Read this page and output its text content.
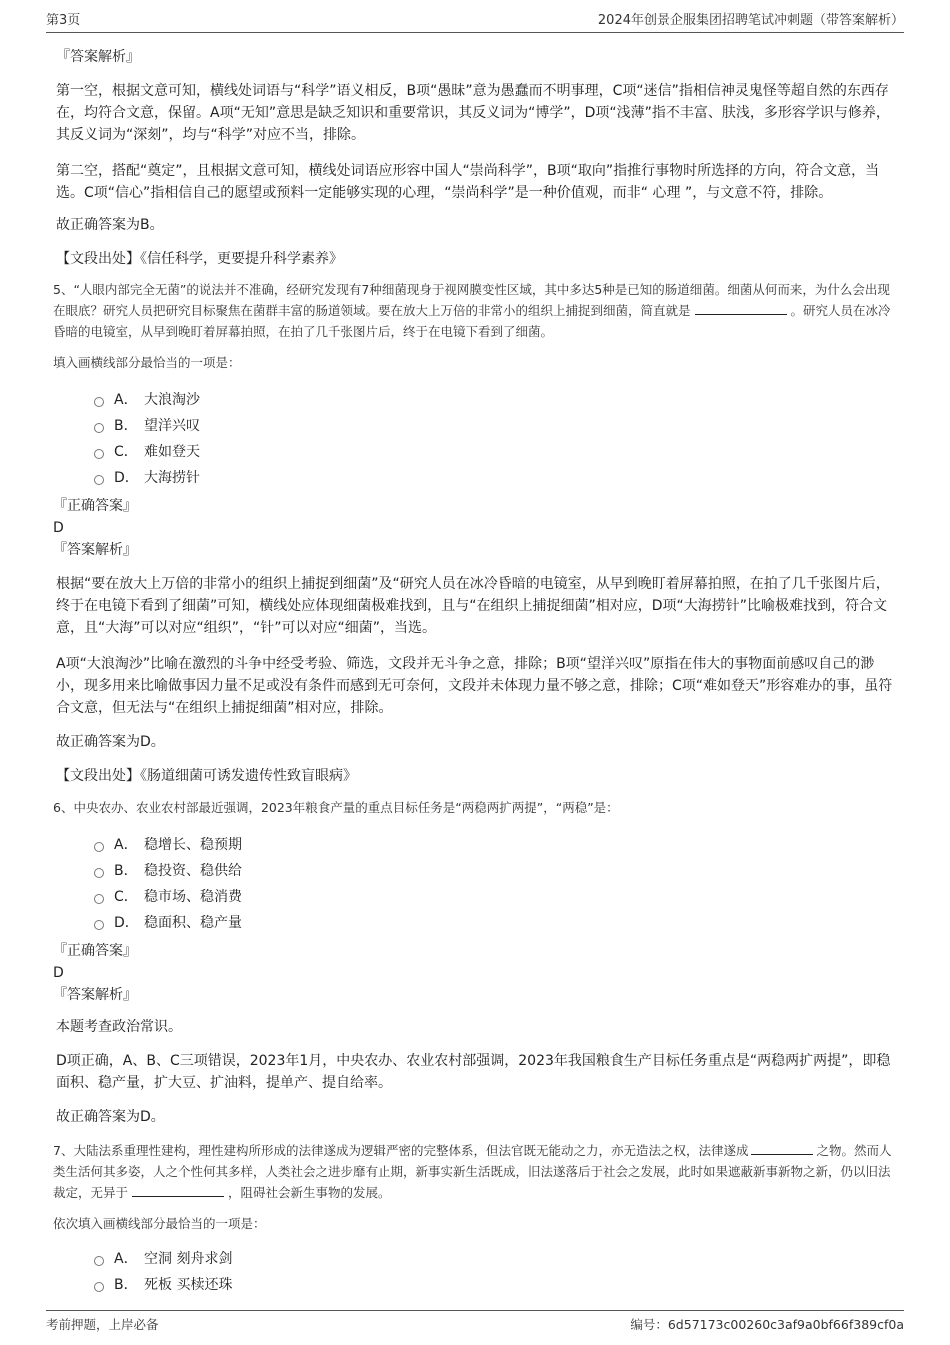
第3页	2024年创景企服集团招聘笔试冲刺题（带答案解析）

『答案解析』

第一空，根据文意可知，横线处词语与“科学”语义相反，B项“愚昧”意为愚蠢而不明事理，C项“迷信”指相信神灵鬼怪等超自然的东西存在，均符合文意，保留。A项“无知”意思是缺乏知识和重要常识，其反义词为“博学”，D项“浅薄”指不丰富、肤浅，多形容学识与修养，其反义词为“深刻”，均与“科学”对应不当，排除。

第二空，搭配“奠定”，且根据文意可知，横线处词语应形容中国人“崇尚科学”，B项“取向”指推行事物时所选择的方向，符合文意，当选。C项“信心”指相信自己的愿望或预料一定能够实现的心理，“崇尚科学”是一种价值观，而非“ 心理 ”，与文意不符，排除。

故正确答案为B。

【文段出处】《信任科学，更要提升科学素养》

5、“人眼内部完全无菌”的说法并不准确，经研究发现有7种细菌现身于视网膜变性区域，其中多达5种是已知的肠道细菌。细菌从何而来，为什么会出现在眼底？研究人员把研究目标聚焦在菌群丰富的肠道领域。要在放大上万倍的非常小的组织上捕捉到细菌，简直就是	。研究人员在冰冷昏暗的电镜室，从早到晚盯着屏幕拍照，在拍了几千张图片后，终于在电镜下看到了细菌。

填入画横线部分最恰当的一项是：

A． 大浪淘沙
B． 望洋兴叹
C． 难如登天
D． 大海捞针

『正确答案』

D

『答案解析』

根据“要在放大上万倍的非常小的组织上捕捉到细菌”及“研究人员在冰冷昏暗的电镜室，从早到晚盯着屏幕拍照，在拍了几千张图片后，终于在电镜下看到了细菌”可知，横线处应体现细菌极难找到，且与“在组织上捕捉细菌”相对应，D项“大海捞针”比喻极难找到，符合文意，且“大海”可以对应“组织”，“针”可以对应“细菌”，当选。

A项“大浪淘沙”比喻在激烈的斗争中经受考验、筛选，文段并无斗争之意，排除；B项“望洋兴叹”原指在伟大的事物面前感叹自己的渺小，现多用来比喻做事因力量不足或没有条件而感到无可奈何，文段并未体现力量不够之意，排除；C项“难如登天”形容难办的事，虽符合文意，但无法与“在组织上捕捉细菌”相对应，排除。

故正确答案为D。

【文段出处】《肠道细菌可诱发遗传性致盲眼病》

6、中央农办、农业农村部最近强调，2023年粮食产量的重点目标任务是“两稳两扩两提”，“两稳”是：

A． 稳增长、稳预期
B． 稳投资、稳供给
C． 稳市场、稳消费
D． 稳面积、稳产量

『正确答案』

D

『答案解析』

本题考查政治常识。

D项正确，A、B、C三项错误，2023年1月，中央农办、农业农村部强调，2023年我国粮食生产目标任务重点是“两稳两扩两提”，即稳面积、稳产量，扩大豆、扩油料，提单产、提自给率。

故正确答案为D。

7、大陆法系重理性建构，理性建构所形成的法律遂成为逻辑严密的完整体系，但法官既无能动之力，亦无造法之权，法律遂成	之物。然而人类生活何其多姿，人之个性何其多样，人类社会之进步靡有止期，新事实新生活既成，旧法遂落后于社会之发展，此时如果遮蔽新事新物之新，仍以旧法裁定，无异于	，阻碍社会新生事物的发展。

依次填入画横线部分最恰当的一项是：

A． 空洞 刻舟求剑
B． 死板 买椟还珠
考前押题，上岸必备	编号：6d57173c00260c3af9a0bf66f389cf0a
